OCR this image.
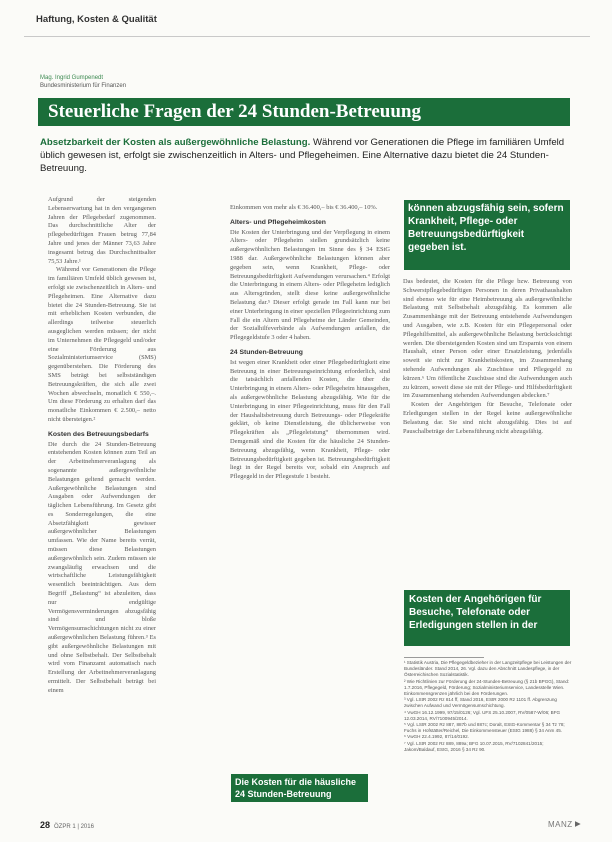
Haftung, Kosten & Qualität
Mag. Ingrid Gumpenedt
Bundesministerium für Finanzen
Steuerliche Fragen der 24 Stunden-Betreuung
Absetzbarkeit der Kosten als außergewöhnliche Belastung. Während vor Generationen die Pflege im familiären Umfeld üblich gewesen ist, erfolgt sie zwischenzeitlich in Alters- und Pflegeheimen. Eine Alternative dazu bietet die 24 Stunden-Betreuung.

Aufgrund der steigenden Lebenserwartung hat in den vergangenen Jahren der Pflegebedarf zugenommen. Das durchschnittliche Alter der pflegebedürftigen Frauen betrug 77,84 Jahre und jenes der Männer 73,63 Jahre insgesamt betrug das Durchschnittsalter 75,53 Jahre.¹

Während vor Generationen die Pflege im familiären Umfeld üblich gewesen ist, erfolgt sie zwischenzeitlich in Alters- und Pflegeheimen. Eine Alternative dazu bietet die 24 Stunden-Betreuung. Sie ist mit erheblichen Kosten verbunden, die allerdings teilweise steuerlich ausgeglichen werden müssen; der nicht im Unternehmen die Pflegegeld und/oder eine Förderung aus Sozialministeriumservice (SMS) gegenüberstehen. Die Förderung des SMS beträgt bei selbstständigen Betreuungskräften, die sich alle zwei Wochen abwechseln, monatlich € 550,–. Um diese Förderung zu erhalten darf das monatliche Einkommen € 2.500,– netto nicht übersteigen.²

Kosten des Betreuungsbedarfs

Die durch die 24 Stunden-Betreuung entstehenden Kosten können zum Teil an der Arbeitnehmerveranlagung als sogenannte außergewöhnliche Belastungen geltend gemacht werden. Außergewöhnliche Belastungen sind Ausgaben oder Aufwendungen der täglichen Lebensführung. Im Gesetz gibt es Sonderregelungen, die eine Absetzfähigkeit gewisser außergewöhnlicher Belastungen umfassen. Wie der Name bereits verrät, müssen diese Belastungen außergewöhnlich sein. Zudem müssen sie zwangsläufig erwachsen und die wirtschaftliche Leistungsfähigkeit wesentlich beeinträchtigen. Aus dem Begriff „Belastung“ ist abzuleiten, dass nur endgültige Vermögensverminderungen abzugsfähig sind und bloße Vermögensumschichtungen nicht zu einer außergewöhnlichen Belastung führen.³ Es gibt außergewöhnliche Belastungen mit und ohne Selbstbehalt. Der Selbstbehalt wird vom Finanzamt automatisch nach Erstellung der Arbeitnehmerveranlagung ermittelt. Der Selbstbehalt beträgt bei einem

Einkommen von mehr als € 36.400,– bis € 36.400,– 10%.

Alters- und Pflegeheimkosten

Die Kosten der Unterbringung und der Verpflegung in einem Alters- oder Pflegeheim stellen grundsätzlich keine außergewöhnlichen Belastungen im Sinne des § 34 EStG 1988 dar. Außergewöhnliche Belastungen können aber gegeben sein, wenn Krankheit, Pflege- oder Betreuungsbedürftigkeit Aufwendungen verursachen.⁴ Erfolgt die Unterbringung in einem Alters- oder Pflegeheim lediglich aus Altersgründen, stellt diese keine außergewöhnliche Belastung dar.⁵ Dieser erfolgt gerade im Fall kann nur bei einer Unterbringung in einer speziellen Pflegeeinrichtung zum Fall die ein Altern und Pflegeheime der Länder Gemeinden, der Sozialhilfeverbände als Aufwendungen anfallen, die Pflegegeldstufe 3 oder 4 haben.

24 Stunden-Betreuung

Ist wegen einer Krankheit oder einer Pflegebedürftigkeit eine Betreuung in einer Betreuungseinrichtung erforderlich, sind die tatsächlich anfallenden Kosten, die über die Unterbringung in einem Alters- oder Pflegeheim hinausgehen, als außergewöhnliche Belastung abzugsfähig. Wie für die Unterbringung in einer Pflegeeinrichtung, muss für den Fall der Haushaltsbetreuung durch Betreuungs- oder Pflegekräfte geklärt, ob keine Dienstleistung, die üblicherweise von Pflegekräften als „Pflegeleistung“ übernommen wird. Demgemäß sind die Kosten für die häusliche 24 Stunden-Betreuung abzugsfähig, wenn Krankheit, Pflege- oder Betreuungsbedürftigkeit gegeben ist. Betreuungsbedürftigkeit liegt in der Regel bereits vor, sobald ein Anspruch auf Pflegegeld in der Pflegestufe 1 besteht.

Die Kosten für die häusliche 24 Stunden-Betreuung
können abzugsfähig sein, sofern Krankheit, Pflege- oder Betreuungsbedürftigkeit gegeben ist.

Das bedeutet, die Kosten für die Pflege bzw. Betreuung von Schwerstpflegebedürftigen Personen in deren Privathaushalten sind ebenso wie für eine Heimbetreuung als außergewöhnliche Belastung mit Selbstbehalt abzugsfähig. Es kommen alle Zusammenhänge mit der Betreuung entstehende Aufwendungen und Ausgaben, wie z.B. Kosten für ein Pflegepersonal oder Pflegehilfsmittel, als außergewöhnliche Belastung berücksichtigt werden. Die übersteigenden Kosten sind um Ersparnis von einem Haushalt, einer Person oder einer Ersatzleistung, jedenfalls soweit sie nicht zur Krankheitskosten, im Zusammenhang stehende Aufwendungen als Zuschüsse und Pflegegeld zu kürzen.⁶ Um öffentliche Zuschüsse sind die Aufwendungen auch zu kürzen, soweit diese sie mit der Pflege- und Hilfsbedürftigkeit im Zusammenhang stehenden Aufwendungen abdecken.⁷

Kosten der Angehörigen für Besuche, Telefonate oder Erledigungen stellen in der Regel keine außergewöhnliche Belastung dar. Sie sind nicht abzugsfähig. Dies ist auf Pauschalbeträge der Lebensführung nicht abzugsfähig.

Kosten der Angehörigen für Besuche, Telefonate oder Erledigungen stellen in der

¹ Statistik Austria, Die Pflegegeldbezieher in der Langzeitpflege bei Leistungen der Bundesländer. Stand 2014, 26. Vgl. dazu den Abschnitt Landespflege, in der Österreichischen Sozialstatistik.

² Wie Richtlinien zur Förderung der 24-Stunden-Betreuung (§ 21b BPGG), Stand: 1.7.2016, Pflegegeld, Förderung; Sozialministeriumservice, Landesstelle Wien. Einkommensgrenzen jährlich bei den Förderungen.

³ Vgl. LStR 2002 Rz 814 ff, Stand 2016, EStR 2000 Rz 1101 ff. Abgrenzung zwischen Aufwand und Vermögensumschichtung.

⁴ VwGH 16.12.1999, 97/15/0126; Vgl. UFS 25.10.2007, RV/0587-W/06; BFG 12.03.2014, RV/7100945/2014.

⁵ Vgl. LStR 2002 Rz 887, 887b und 887c; Doralt, EStG-Kommentar § 34 Tz 78; Fuchs in Hofstätter/Reichel, Die Einkommensteuer (EStG 1988) § 34 Anm 45.

⁶ VwGH 22.4.1992, 87/14/0192.

⁷ Vgl. LStR 2002 Rz 889, 889a; BFG 10.07.2015, RV/7102841/2015; Jakom/Baldauf, EStG, 2016 § 34 Rz 90.

28 ÖZPR 1 | 2016	MANZ
